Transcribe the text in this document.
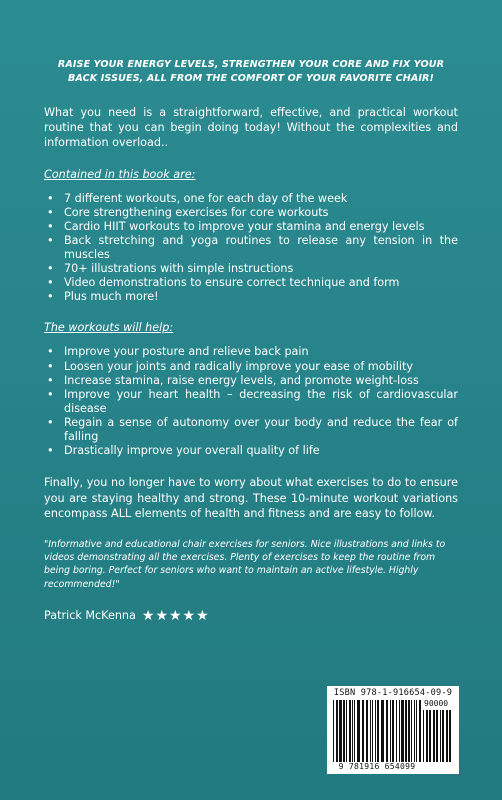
RAISE YOUR ENERGY LEVELS, STRENGTHEN YOUR CORE AND FIX YOUR BACK ISSUES, ALL FROM THE COMFORT OF YOUR FAVORITE CHAIR!

What you need is a straightforward, effective, and practical workout routine that you can begin doing today! Without the complexities and information overload..

Contained in this book are:
• 7 different workouts, one for each day of the week
• Core strengthening exercises for core workouts
• Cardio HIIT workouts to improve your stamina and energy levels
• Back stretching and yoga routines to release any tension in the muscles
• 70+ illustrations with simple instructions
• Video demonstrations to ensure correct technique and form
• Plus much more!
The workouts will help:
• Improve your posture and relieve back pain
• Loosen your joints and radically improve your ease of mobility
• Increase stamina, raise energy levels, and promote weight-loss
• Improve your heart health – decreasing the risk of cardiovascular disease
• Regain a sense of autonomy over your body and reduce the fear of falling
• Drastically improve your overall quality of life

Finally, you no longer have to worry about what exercises to do to ensure you are staying healthy and strong. These 10-minute workout variations encompass ALL elements of health and fitness and are easy to follow.

"Informative and educational chair exercises for seniors. Nice illustrations and links to videos demonstrating all the exercises. Plenty of exercises to keep the routine from being boring. Perfect for seniors who want to maintain an active lifestyle. Highly recommended!"

Patrick McKenna ★★★★★
ISBN 978-1-916654-09-9
90000
9 781916 654099
